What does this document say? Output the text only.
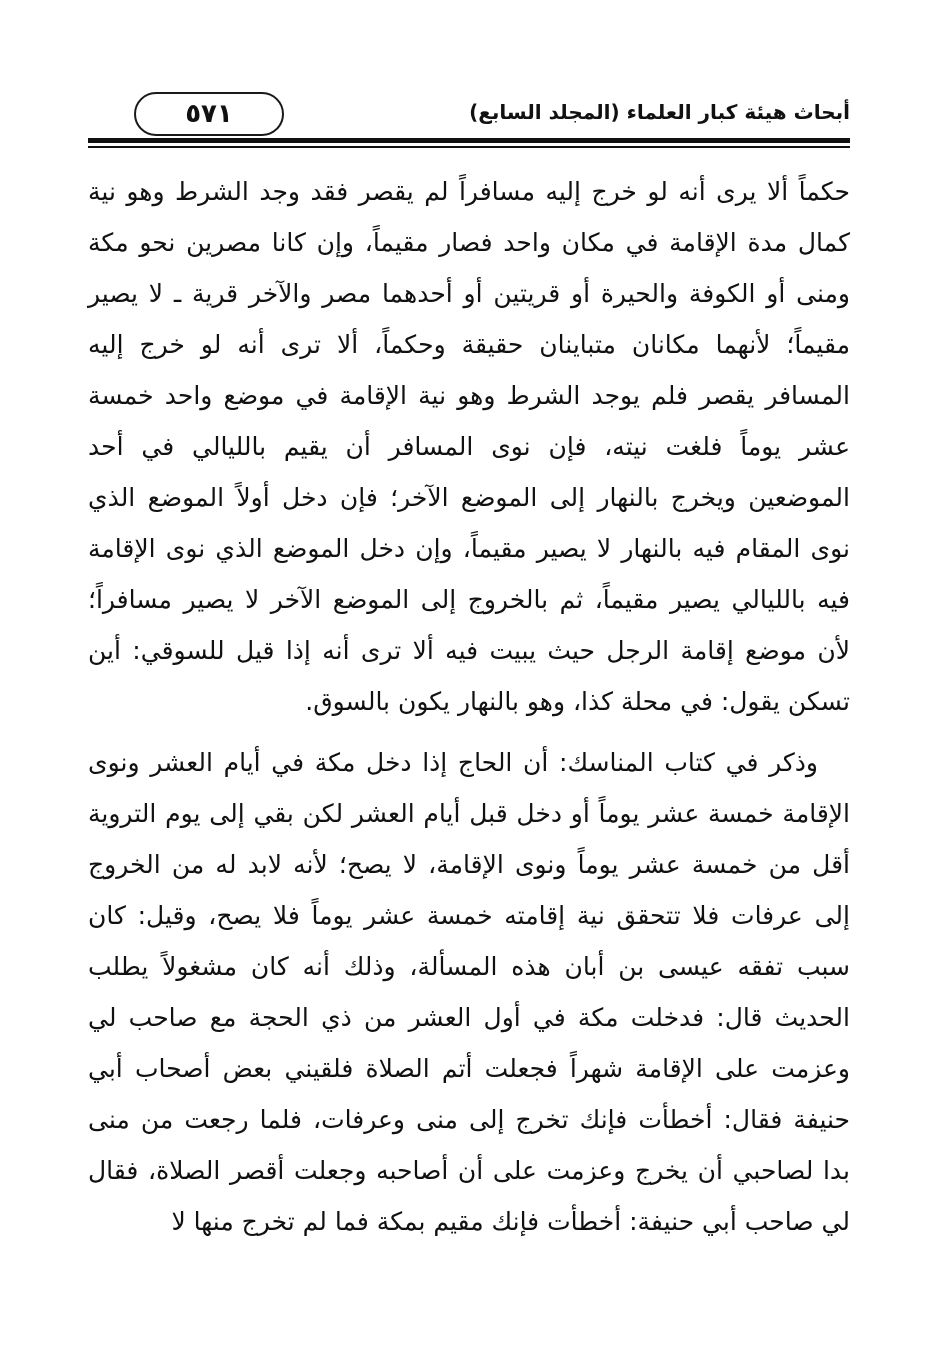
٥٧١	أبحاث هيئة كبار العلماء (المجلد السابع)

حكماً ألا يرى أنه لو خرج إليه مسافراً لم يقصر فقد وجد الشرط وهو نية كمال مدة الإقامة في مكان واحد فصار مقيماً، وإن كانا مصرين نحو مكة ومنى أو الكوفة والحيرة أو قريتين أو أحدهما مصر والآخر قرية ـ لا يصير مقيماً؛ لأنهما مكانان متباينان حقيقة وحكماً، ألا ترى أنه لو خرج إليه المسافر يقصر فلم يوجد الشرط وهو نية الإقامة في موضع واحد خمسة عشر يوماً فلغت نيته، فإن نوى المسافر أن يقيم بالليالي في أحد الموضعين ويخرج بالنهار إلى الموضع الآخر؛ فإن دخل أولاً الموضع الذي نوى المقام فيه بالنهار لا يصير مقيماً، وإن دخل الموضع الذي نوى الإقامة فيه بالليالي يصير مقيماً، ثم بالخروج إلى الموضع الآخر لا يصير مسافراً؛ لأن موضع إقامة الرجل حيث يبيت فيه ألا ترى أنه إذا قيل للسوقي: أين تسكن يقول: في محلة كذا، وهو بالنهار يكون بالسوق.

وذكر في كتاب المناسك: أن الحاج إذا دخل مكة في أيام العشر ونوى الإقامة خمسة عشر يوماً أو دخل قبل أيام العشر لكن بقي إلى يوم التروية أقل من خمسة عشر يوماً ونوى الإقامة، لا يصح؛ لأنه لابد له من الخروج إلى عرفات فلا تتحقق نية إقامته خمسة عشر يوماً فلا يصح، وقيل: كان سبب تفقه عيسى بن أبان هذه المسألة، وذلك أنه كان مشغولاً يطلب الحديث قال: فدخلت مكة في أول العشر من ذي الحجة مع صاحب لي وعزمت على الإقامة شهراً فجعلت أتم الصلاة فلقيني بعض أصحاب أبي حنيفة فقال: أخطأت فإنك تخرج إلى منى وعرفات، فلما رجعت من منى بدا لصاحبي أن يخرج وعزمت على أن أصاحبه وجعلت أقصر الصلاة، فقال لي صاحب أبي حنيفة: أخطأت فإنك مقيم بمكة فما لم تخرج منها لا
